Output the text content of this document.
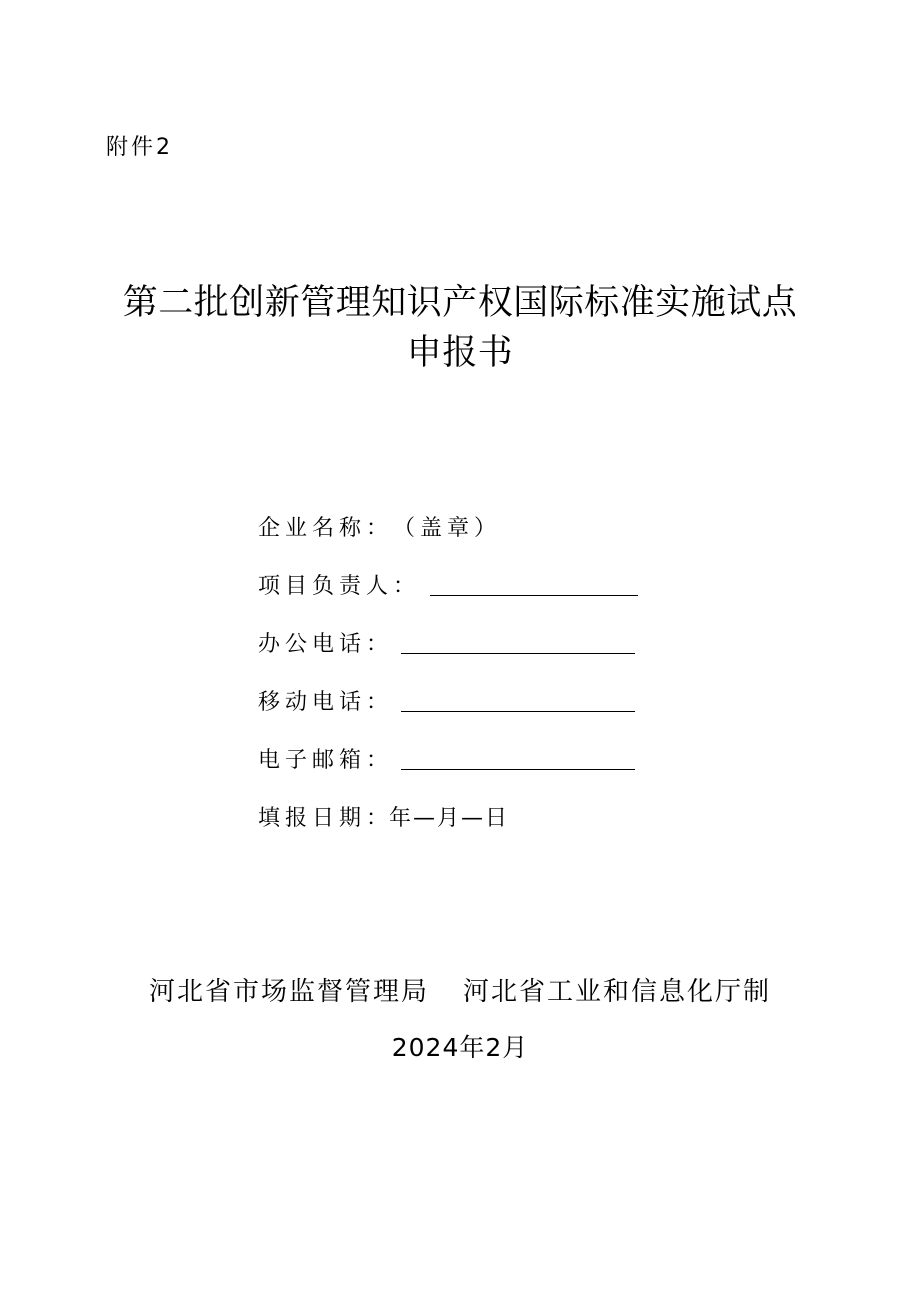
附件2
第二批创新管理知识产权国际标准实施试点
申报书
企业名称： （盖章）
项目负责人：
办公电话：
移动电话：
电子邮箱：
填报日期：
年—月—日
河北省市场监督管理局 河北省工业和信息化厅制
2024年2月
